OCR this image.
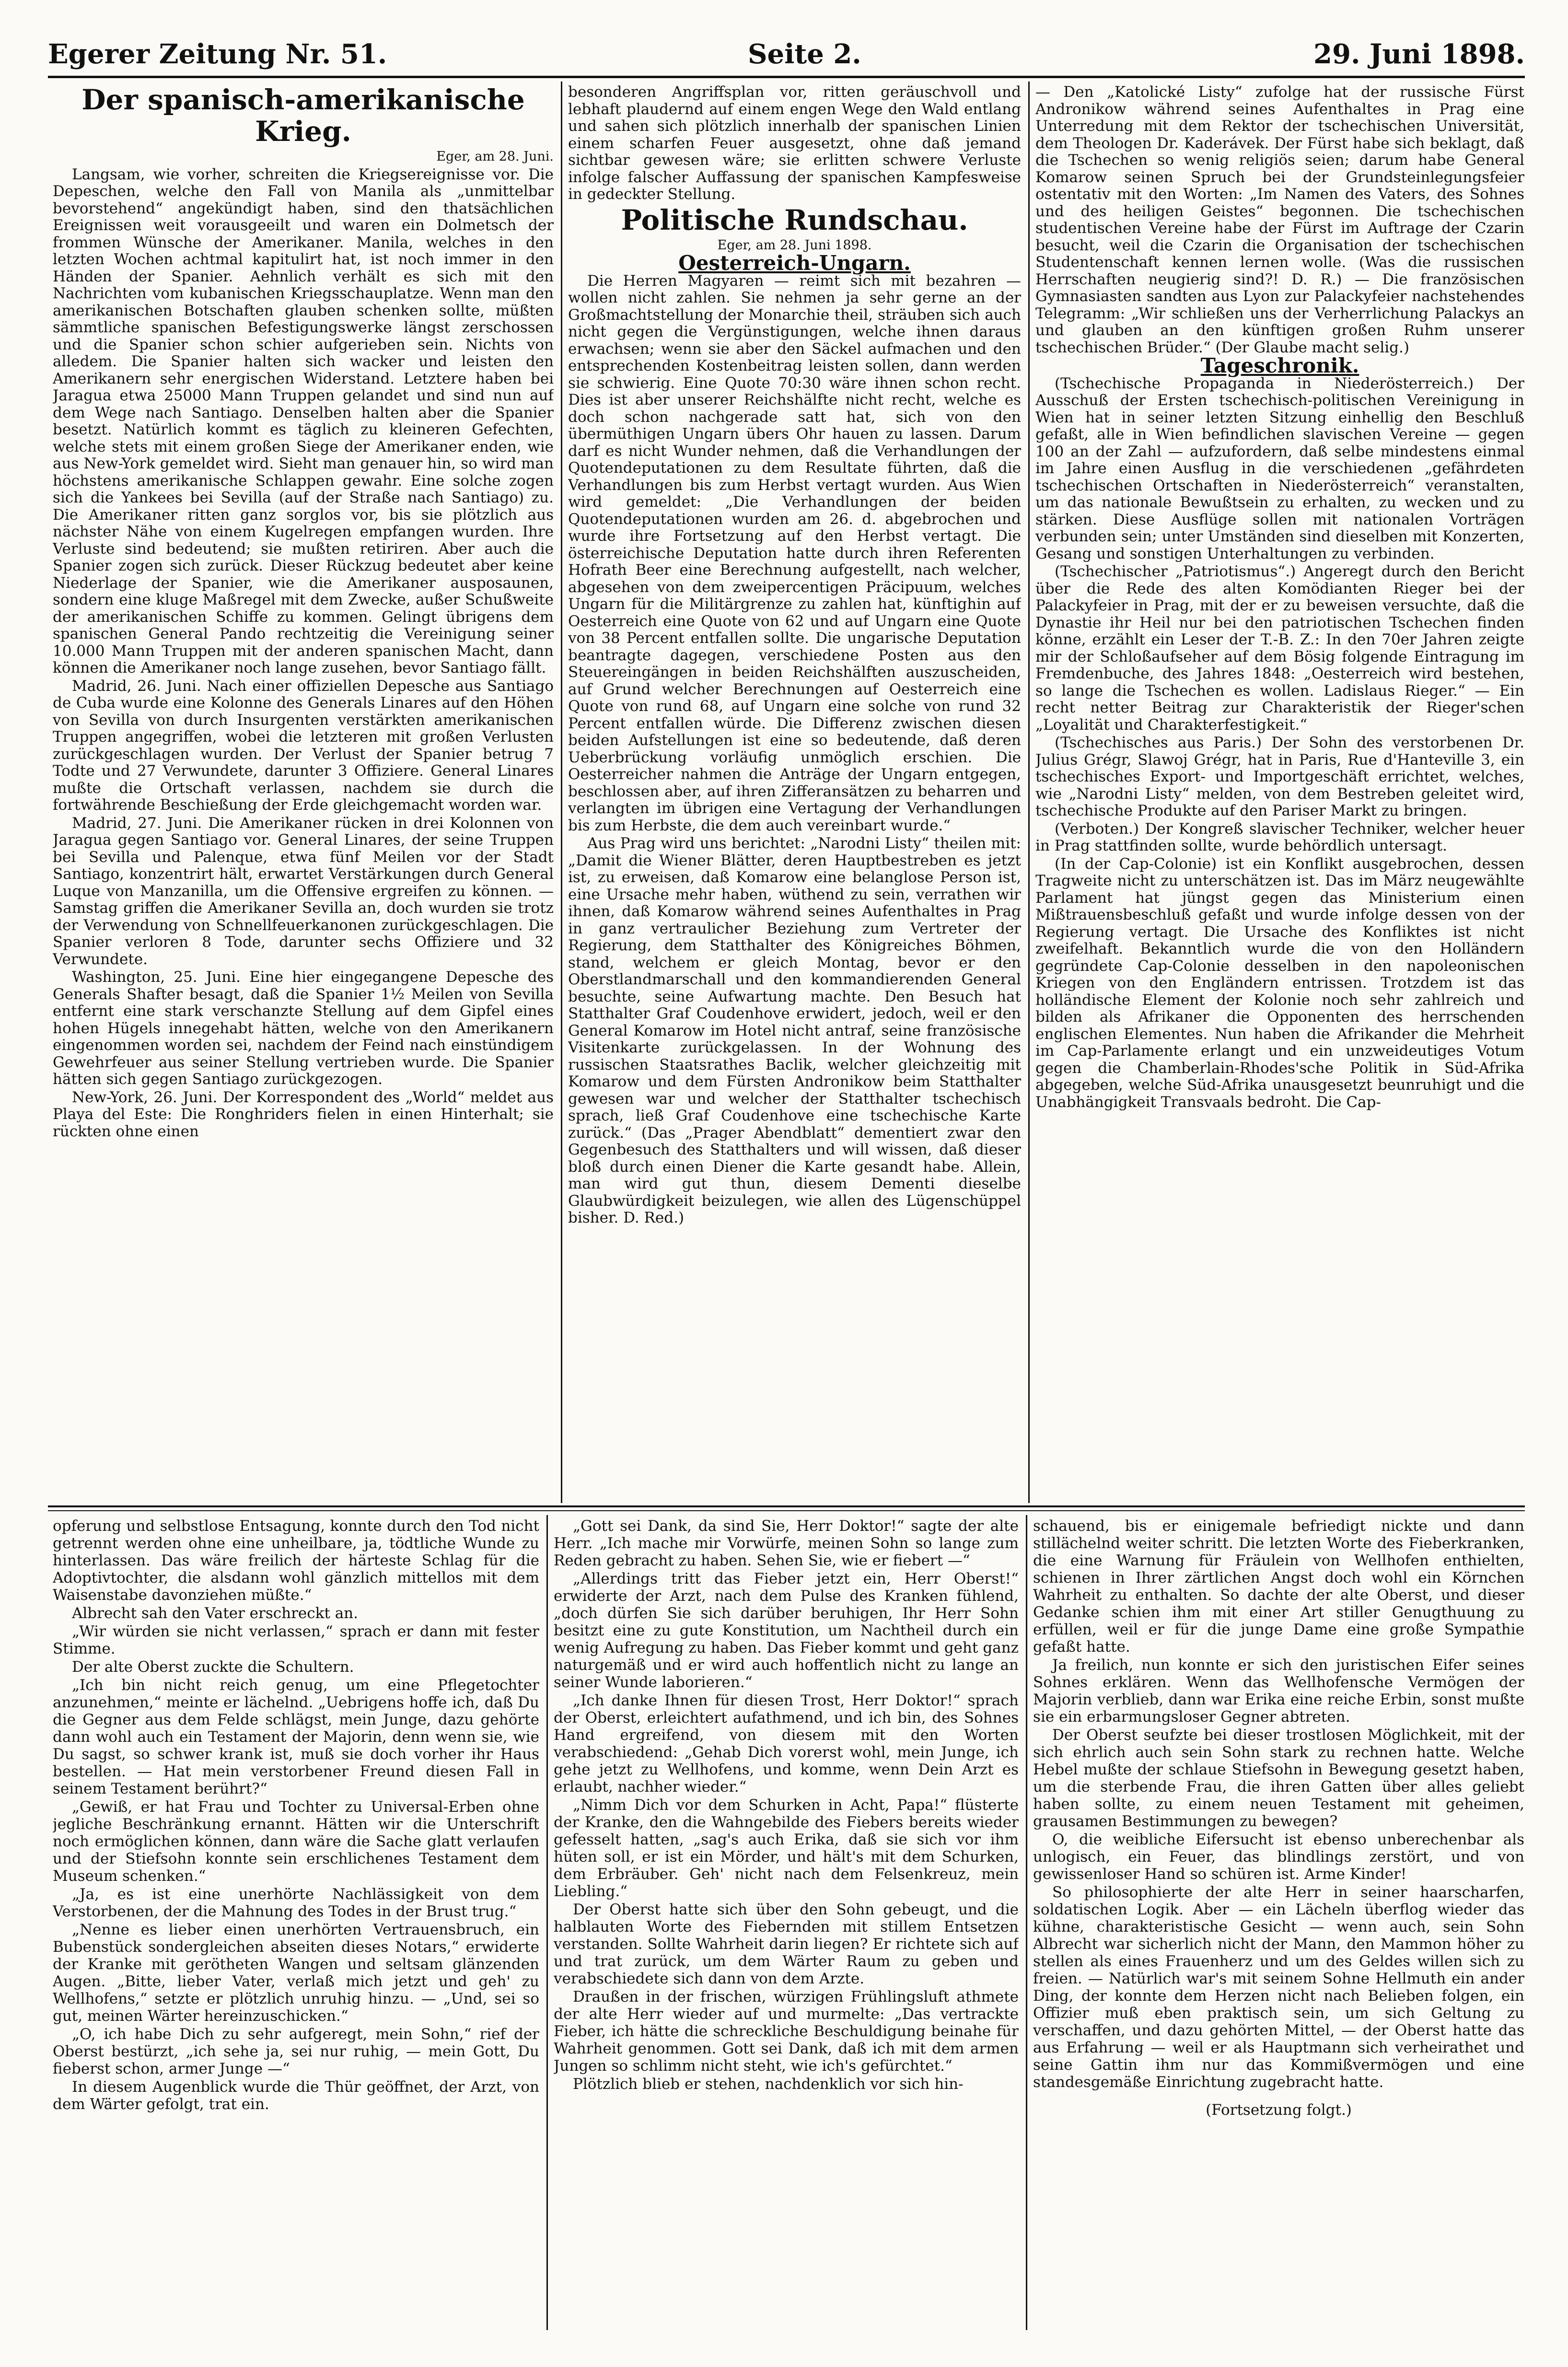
Egerer Zeitung Nr. 51.	Seite 2.	29. Juni 1898.

Der spanisch-amerikanische Krieg.

Eger, am 28. Juni.

Langsam, wie vorher, schreiten die Kriegsereignisse vor. Die Depeschen, welche den Fall von Manila als „unmittelbar bevorstehend“ angekündigt haben, sind den thatsächlichen Ereignissen weit vorausgeeilt und waren ein Dolmetsch der frommen Wünsche der Amerikaner. Manila, welches in den letzten Wochen achtmal kapitulirt hat, ist noch immer in den Händen der Spanier. Aehnlich verhält es sich mit den Nachrichten vom kubanischen Kriegsschauplatze. Wenn man den amerikanischen Botschaften glauben schenken sollte, müßten sämmtliche spanischen Befestigungswerke längst zerschossen und die Spanier schon schier aufgerieben sein. Nichts von alledem. Die Spanier halten sich wacker und leisten den Amerikanern sehr energischen Widerstand. Letztere haben bei Jaragua etwa 25000 Mann Truppen gelandet und sind nun auf dem Wege nach Santiago. Denselben halten aber die Spanier besetzt. Natürlich kommt es täglich zu kleineren Gefechten, welche stets mit einem großen Siege der Amerikaner enden, wie aus New-York gemeldet wird. Sieht man genauer hin, so wird man höchstens amerikanische Schlappen gewahr. Eine solche zogen sich die Yankees bei Sevilla (auf der Straße nach Santiago) zu. Die Amerikaner ritten ganz sorglos vor, bis sie plötzlich aus nächster Nähe von einem Kugelregen empfangen wurden. Ihre Verluste sind bedeutend; sie mußten retiriren. Aber auch die Spanier zogen sich zurück. Dieser Rückzug bedeutet aber keine Niederlage der Spanier, wie die Amerikaner ausposaunen, sondern eine kluge Maßregel mit dem Zwecke, außer Schußweite der amerikanischen Schiffe zu kommen. Gelingt übrigens dem spanischen General Pando rechtzeitig die Vereinigung seiner 10.000 Mann Truppen mit der anderen spanischen Macht, dann können die Amerikaner noch lange zusehen, bevor Santiago fällt.

Madrid, 26. Juni. Nach einer offiziellen Depesche aus Santiago de Cuba wurde eine Kolonne des Generals Linares auf den Höhen von Sevilla von durch Insurgenten verstärkten amerikanischen Truppen angegriffen, wobei die letzteren mit großen Verlusten zurückgeschlagen wurden. Der Verlust der Spanier betrug 7 Todte und 27 Verwundete, darunter 3 Offiziere. General Linares mußte die Ortschaft verlassen, nachdem sie durch die fortwährende Beschießung der Erde gleichgemacht worden war.

Madrid, 27. Juni. Die Amerikaner rücken in drei Kolonnen von Jaragua gegen Santiago vor. General Linares, der seine Truppen bei Sevilla und Palenque, etwa fünf Meilen vor der Stadt Santiago, konzentrirt hält, erwartet Verstärkungen durch General Luque von Manzanilla, um die Offensive ergreifen zu können. — Samstag griffen die Amerikaner Sevilla an, doch wurden sie trotz der Verwendung von Schnellfeuerkanonen zurückgeschlagen. Die Spanier verloren 8 Tode, darunter sechs Offiziere und 32 Verwundete.

Washington, 25. Juni. Eine hier eingegangene Depesche des Generals Shafter besagt, daß die Spanier 1½ Meilen von Sevilla entfernt eine stark verschanzte Stellung auf dem Gipfel eines hohen Hügels innegehabt hätten, welche von den Amerikanern eingenommen worden sei, nachdem der Feind nach einstündigem Gewehrfeuer aus seiner Stellung vertrieben wurde. Die Spanier hätten sich gegen Santiago zurückgezogen.

New-York, 26. Juni. Der Korrespondent des „World“ meldet aus Playa del Este: Die Ronghriders fielen in einen Hinterhalt; sie rückten ohne einen

besonderen Angriffsplan vor, ritten geräuschvoll und lebhaft plaudernd auf einem engen Wege den Wald entlang und sahen sich plötzlich innerhalb der spanischen Linien einem scharfen Feuer ausgesetzt, ohne daß jemand sichtbar gewesen wäre; sie erlitten schwere Verluste infolge falscher Auffassung der spanischen Kampfesweise in gedeckter Stellung.

Politische Rundschau.

Eger, am 28. Juni 1898.

Oesterreich-Ungarn.

Die Herren Magyaren — reimt sich mit bezahren — wollen nicht zahlen. Sie nehmen ja sehr gerne an der Großmachtstellung der Monarchie theil, sträuben sich auch nicht gegen die Vergünstigungen, welche ihnen daraus erwachsen; wenn sie aber den Säckel aufmachen und den entsprechenden Kostenbeitrag leisten sollen, dann werden sie schwierig. Eine Quote 70:30 wäre ihnen schon recht. Dies ist aber unserer Reichshälfte nicht recht, welche es doch schon nachgerade satt hat, sich von den übermüthigen Ungarn übers Ohr hauen zu lassen. Darum darf es nicht Wunder nehmen, daß die Verhandlungen der Quotendeputationen zu dem Resultate führten, daß die Verhandlungen bis zum Herbst vertagt wurden. Aus Wien wird gemeldet: „Die Verhandlungen der beiden Quotendeputationen wurden am 26. d. abgebrochen und wurde ihre Fortsetzung auf den Herbst vertagt. Die österreichische Deputation hatte durch ihren Referenten Hofrath Beer eine Berechnung aufgestellt, nach welcher, abgesehen von dem zweipercentigen Präcipuum, welches Ungarn für die Militärgrenze zu zahlen hat, künftighin auf Oesterreich eine Quote von 62 und auf Ungarn eine Quote von 38 Percent entfallen sollte. Die ungarische Deputation beantragte dagegen, verschiedene Posten aus den Steuereingängen in beiden Reichshälften auszuscheiden, auf Grund welcher Berechnungen auf Oesterreich eine Quote von rund 68, auf Ungarn eine solche von rund 32 Percent entfallen würde. Die Differenz zwischen diesen beiden Aufstellungen ist eine so bedeutende, daß deren Ueberbrückung vorläufig unmöglich erschien. Die Oesterreicher nahmen die Anträge der Ungarn entgegen, beschlossen aber, auf ihren Zifferansätzen zu beharren und verlangten im übrigen eine Vertagung der Verhandlungen bis zum Herbste, die dem auch vereinbart wurde.“

Aus Prag wird uns berichtet: „Narodni Listy“ theilen mit: „Damit die Wiener Blätter, deren Hauptbestreben es jetzt ist, zu erweisen, daß Komarow eine belanglose Person ist, eine Ursache mehr haben, wüthend zu sein, verrathen wir ihnen, daß Komarow während seines Aufenthaltes in Prag in ganz vertraulicher Beziehung zum Vertreter der Regierung, dem Statthalter des Königreiches Böhmen, stand, welchem er gleich Montag, bevor er den Oberstlandmarschall und den kommandierenden General besuchte, seine Aufwartung machte. Den Besuch hat Statthalter Graf Coudenhove erwidert, jedoch, weil er den General Komarow im Hotel nicht antraf, seine französische Visitenkarte zurückgelassen. In der Wohnung des russischen Staatsrathes Baclik, welcher gleichzeitig mit Komarow und dem Fürsten Andronikow beim Statthalter gewesen war und welcher der Statthalter tschechisch sprach, ließ Graf Coudenhove eine tschechische Karte zurück.“ (Das „Prager Abendblatt“ dementiert zwar den Gegenbesuch des Statthalters und will wissen, daß dieser bloß durch einen Diener die Karte gesandt habe. Allein, man wird gut thun, diesem Dementi dieselbe Glaubwürdigkeit beizulegen, wie allen des Lügenschüppel bisher. D. Red.)

— Den „Katolické Listy“ zufolge hat der russische Fürst Andronikow während seines Aufenthaltes in Prag eine Unterredung mit dem Rektor der tschechischen Universität, dem Theologen Dr. Kaderávek. Der Fürst habe sich beklagt, daß die Tschechen so wenig religiös seien; darum habe General Komarow seinen Spruch bei der Grundsteinlegungsfeier ostentativ mit den Worten: „Im Namen des Vaters, des Sohnes und des heiligen Geistes“ begonnen. Die tschechischen studentischen Vereine habe der Fürst im Auftrage der Czarin besucht, weil die Czarin die Organisation der tschechischen Studentenschaft kennen lernen wolle. (Was die russischen Herrschaften neugierig sind?! D. R.) — Die französischen Gymnasiasten sandten aus Lyon zur Palackyfeier nachstehendes Telegramm: „Wir schließen uns der Verherrlichung Palackys an und glauben an den künftigen großen Ruhm unserer tschechischen Brüder.“ (Der Glaube macht selig.)

Tageschronik.

(Tschechische Propaganda in Niederösterreich.) Der Ausschuß der Ersten tschechisch-politischen Vereinigung in Wien hat in seiner letzten Sitzung einhellig den Beschluß gefaßt, alle in Wien befindlichen slavischen Vereine — gegen 100 an der Zahl — aufzufordern, daß selbe mindestens einmal im Jahre einen Ausflug in die verschiedenen „gefährdeten tschechischen Ortschaften in Niederösterreich“ veranstalten, um das nationale Bewußtsein zu erhalten, zu wecken und zu stärken. Diese Ausflüge sollen mit nationalen Vorträgen verbunden sein; unter Umständen sind dieselben mit Konzerten, Gesang und sonstigen Unterhaltungen zu verbinden.

(Tschechischer „Patriotismus“.) Angeregt durch den Bericht über die Rede des alten Komödianten Rieger bei der Palackyfeier in Prag, mit der er zu beweisen versuchte, daß die Dynastie ihr Heil nur bei den patriotischen Tschechen finden könne, erzählt ein Leser der T.-B. Z.: In den 70er Jahren zeigte mir der Schloßaufseher auf dem Bösig folgende Eintragung im Fremdenbuche, des Jahres 1848: „Oesterreich wird bestehen, so lange die Tschechen es wollen. Ladislaus Rieger.“ — Ein recht netter Beitrag zur Charakteristik der Rieger'schen „Loyalität und Charakterfestigkeit.“

(Tschechisches aus Paris.) Der Sohn des verstorbenen Dr. Julius Grégr, Slawoj Grégr, hat in Paris, Rue d'Hanteville 3, ein tschechisches Export- und Importgeschäft errichtet, welches, wie „Narodni Listy“ melden, von dem Bestreben geleitet wird, tschechische Produkte auf den Pariser Markt zu bringen.

(Verboten.) Der Kongreß slavischer Techniker, welcher heuer in Prag stattfinden sollte, wurde behördlich untersagt.

(In der Cap-Colonie) ist ein Konflikt ausgebrochen, dessen Tragweite nicht zu unterschätzen ist. Das im März neugewählte Parlament hat jüngst gegen das Ministerium einen Mißtrauensbeschluß gefaßt und wurde infolge dessen von der Regierung vertagt. Die Ursache des Konfliktes ist nicht zweifelhaft. Bekanntlich wurde die von den Holländern gegründete Cap-Colonie desselben in den napoleonischen Kriegen von den Engländern entrissen. Trotzdem ist das holländische Element der Kolonie noch sehr zahlreich und bilden als Afrikaner die Opponenten des herrschenden englischen Elementes. Nun haben die Afrikander die Mehrheit im Cap-Parlamente erlangt und ein unzweideutiges Votum gegen die Chamberlain-Rhodes'sche Politik in Süd-Afrika abgegeben, welche Süd-Afrika unausgesetzt beunruhigt und die Unabhängigkeit Transvaals bedroht. Die Cap-

opferung und selbstlose Entsagung, konnte durch den Tod nicht getrennt werden ohne eine unheilbare, ja, tödtliche Wunde zu hinterlassen. Das wäre freilich der härteste Schlag für die Adoptivtochter, die alsdann wohl gänzlich mittellos mit dem Waisenstabe davonziehen müßte.“

Albrecht sah den Vater erschreckt an.

„Wir würden sie nicht verlassen,“ sprach er dann mit fester Stimme.

Der alte Oberst zuckte die Schultern.

„Ich bin nicht reich genug, um eine Pflegetochter anzunehmen,“ meinte er lächelnd. „Uebrigens hoffe ich, daß Du die Gegner aus dem Felde schlägst, mein Junge, dazu gehörte dann wohl auch ein Testament der Majorin, denn wenn sie, wie Du sagst, so schwer krank ist, muß sie doch vorher ihr Haus bestellen. — Hat mein verstorbener Freund diesen Fall in seinem Testament berührt?“

„Gewiß, er hat Frau und Tochter zu Universal-Erben ohne jegliche Beschränkung ernannt. Hätten wir die Unterschrift noch ermöglichen können, dann wäre die Sache glatt verlaufen und der Stiefsohn konnte sein erschlichenes Testament dem Museum schenken.“

„Ja, es ist eine unerhörte Nachlässigkeit von dem Verstorbenen, der die Mahnung des Todes in der Brust trug.“

„Nenne es lieber einen unerhörten Vertrauensbruch, ein Bubenstück sondergleichen abseiten dieses Notars,“ erwiderte der Kranke mit gerötheten Wangen und seltsam glänzenden Augen. „Bitte, lieber Vater, verlaß mich jetzt und geh' zu Wellhofens,“ setzte er plötzlich unruhig hinzu. — „Und, sei so gut, meinen Wärter hereinzuschicken.“

„O, ich habe Dich zu sehr aufgeregt, mein Sohn,“ rief der Oberst bestürzt, „ich sehe ja, sei nur ruhig, — mein Gott, Du fieberst schon, armer Junge —“

In diesem Augenblick wurde die Thür geöffnet, der Arzt, von dem Wärter gefolgt, trat ein.

„Gott sei Dank, da sind Sie, Herr Doktor!“ sagte der alte Herr. „Ich mache mir Vorwürfe, meinen Sohn so lange zum Reden gebracht zu haben. Sehen Sie, wie er fiebert —“

„Allerdings tritt das Fieber jetzt ein, Herr Oberst!“ erwiderte der Arzt, nach dem Pulse des Kranken fühlend, „doch dürfen Sie sich darüber beruhigen, Ihr Herr Sohn besitzt eine zu gute Konstitution, um Nachtheil durch ein wenig Aufregung zu haben. Das Fieber kommt und geht ganz naturgemäß und er wird auch hoffentlich nicht zu lange an seiner Wunde laborieren.“

„Ich danke Ihnen für diesen Trost, Herr Doktor!“ sprach der Oberst, erleichtert aufathmend, und ich bin, des Sohnes Hand ergreifend, von diesem mit den Worten verabschiedend: „Gehab Dich vorerst wohl, mein Junge, ich gehe jetzt zu Wellhofens, und komme, wenn Dein Arzt es erlaubt, nachher wieder.“

„Nimm Dich vor dem Schurken in Acht, Papa!“ flüsterte der Kranke, den die Wahngebilde des Fiebers bereits wieder gefesselt hatten, „sag's auch Erika, daß sie sich vor ihm hüten soll, er ist ein Mörder, und hält's mit dem Schurken, dem Erbräuber. Geh' nicht nach dem Felsenkreuz, mein Liebling.“

Der Oberst hatte sich über den Sohn gebeugt, und die halblauten Worte des Fiebernden mit stillem Entsetzen verstanden. Sollte Wahrheit darin liegen? Er richtete sich auf und trat zurück, um dem Wärter Raum zu geben und verabschiedete sich dann von dem Arzte.

Draußen in der frischen, würzigen Frühlingsluft athmete der alte Herr wieder auf und murmelte: „Das vertrackte Fieber, ich hätte die schreckliche Beschuldigung beinahe für Wahrheit genommen. Gott sei Dank, daß ich mit dem armen Jungen so schlimm nicht steht, wie ich's gefürchtet.“

Plötzlich blieb er stehen, nachdenklich vor sich hin-

schauend, bis er einigemale befriedigt nickte und dann stillächelnd weiter schritt. Die letzten Worte des Fieberkranken, die eine Warnung für Fräulein von Wellhofen enthielten, schienen in Ihrer zärtlichen Angst doch wohl ein Körnchen Wahrheit zu enthalten. So dachte der alte Oberst, und dieser Gedanke schien ihm mit einer Art stiller Genugthuung zu erfüllen, weil er für die junge Dame eine große Sympathie gefaßt hatte.

Ja freilich, nun konnte er sich den juristischen Eifer seines Sohnes erklären. Wenn das Wellhofensche Vermögen der Majorin verblieb, dann war Erika eine reiche Erbin, sonst mußte sie ein erbarmungsloser Gegner abtreten.

Der Oberst seufzte bei dieser trostlosen Möglichkeit, mit der sich ehrlich auch sein Sohn stark zu rechnen hatte. Welche Hebel mußte der schlaue Stiefsohn in Bewegung gesetzt haben, um die sterbende Frau, die ihren Gatten über alles geliebt haben sollte, zu einem neuen Testament mit geheimen, grausamen Bestimmungen zu bewegen?

O, die weibliche Eifersucht ist ebenso unberechenbar als unlogisch, ein Feuer, das blindlings zerstört, und von gewissenloser Hand so schüren ist. Arme Kinder!

So philosophierte der alte Herr in seiner haarscharfen, soldatischen Logik. Aber — ein Lächeln überflog wieder das kühne, charakteristische Gesicht — wenn auch, sein Sohn Albrecht war sicherlich nicht der Mann, den Mammon höher zu stellen als eines Frauenherz und um des Geldes willen sich zu freien. — Natürlich war's mit seinem Sohne Hellmuth ein ander Ding, der konnte dem Herzen nicht nach Belieben folgen, ein Offizier muß eben praktisch sein, um sich Geltung zu verschaffen, und dazu gehörten Mittel, — der Oberst hatte das aus Erfahrung — weil er als Hauptmann sich verheirathet und seine Gattin ihm nur das Kommißvermögen und eine standesgemäße Einrichtung zugebracht hatte.

(Fortsetzung folgt.)
